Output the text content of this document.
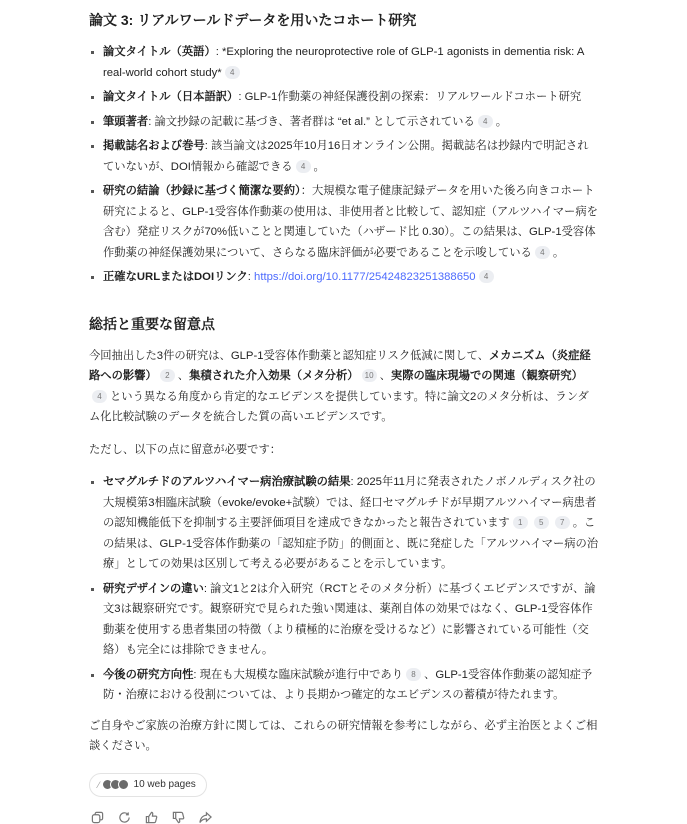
論文 3: リアルワールドデータを用いたコホート研究
論文タイトル（英語）: *Exploring the neuroprotective role of GLP-1 agonists in dementia risk: A real-world cohort study* 4
論文タイトル（日本語訳）: GLP-1作動薬の神経保護役割の探索：リアルワールドコホート研究
筆頭著者: 論文抄録の記載に基づき、著者群は “et al.” として示されている 4 。
掲載誌名および巻号: 該当論文は2025年10月16日オンライン公開。掲載誌名は抄録内で明記されていないが、DOI情報から確認できる 4 。
研究の結論（抄録に基づく簡潔な要約）：大規模な電子健康記録データを用いた後ろ向きコホート研究によると、GLP-1受容体作動薬の使用は、非使用者と比較して、認知症（アルツハイマー病を含む）発症リスクが70%低いことと関連していた（ハザード比 0.30）。この結果は、GLP-1受容体作動薬の神経保護効果について、さらなる臨床評価が必要であることを示唆している 4 。
正確なURLまたはDOIリンク: https://doi.org/10.1177/25424823251388650 4
総括と重要な留意点

今回抽出した3件の研究は、GLP-1受容体作動薬と認知症リスク低減に関して、メカニズム（炎症経路への影響） 2 、集積された介入効果（メタ分析） 10 、実際の臨床現場での関連（観察研究）4 という異なる角度から肯定的なエビデンスを提供しています。特に論文2のメタ分析は、ランダム化比較試験のデータを統合した質の高いエビデンスです。

ただし、以下の点に留意が必要です：

セマグルチドのアルツハイマー病治療試験の結果: 2025年11月に発表されたノボノルディスク社の大規模第3相臨床試験（evoke/evoke+試験）では、経口セマグルチドが早期アルツハイマー病患者の認知機能低下を抑制する主要評価項目を達成できなかったと報告されています 1 5 7 。この結果は、GLP-1受容体作動薬の「認知症予防」的側面と、既に発症した「アルツハイマー病の治療」としての効果は区別して考える必要があることを示しています。
研究デザインの違い: 論文1と2は介入研究（RCTとそのメタ分析）に基づくエビデンスですが、論文3は観察研究です。観察研究で見られた強い関連は、薬剤自体の効果ではなく、GLP-1受容体作動薬を使用する患者集団の特徴（より積極的に治療を受けるなど）に影響されている可能性（交絡）も完全には排除できません。
今後の研究方向性: 現在も大規模な臨床試験が進行中であり 8 、GLP-1受容体作動薬の認知症予防・治療における役割については、より長期かつ確定的なエビデンスの蓄積が待たれます。

ご自身やご家族の治療方針に関しては、これらの研究情報を参考にしながら、必ず主治医とよくご相談ください。

⁄	10 web pages
